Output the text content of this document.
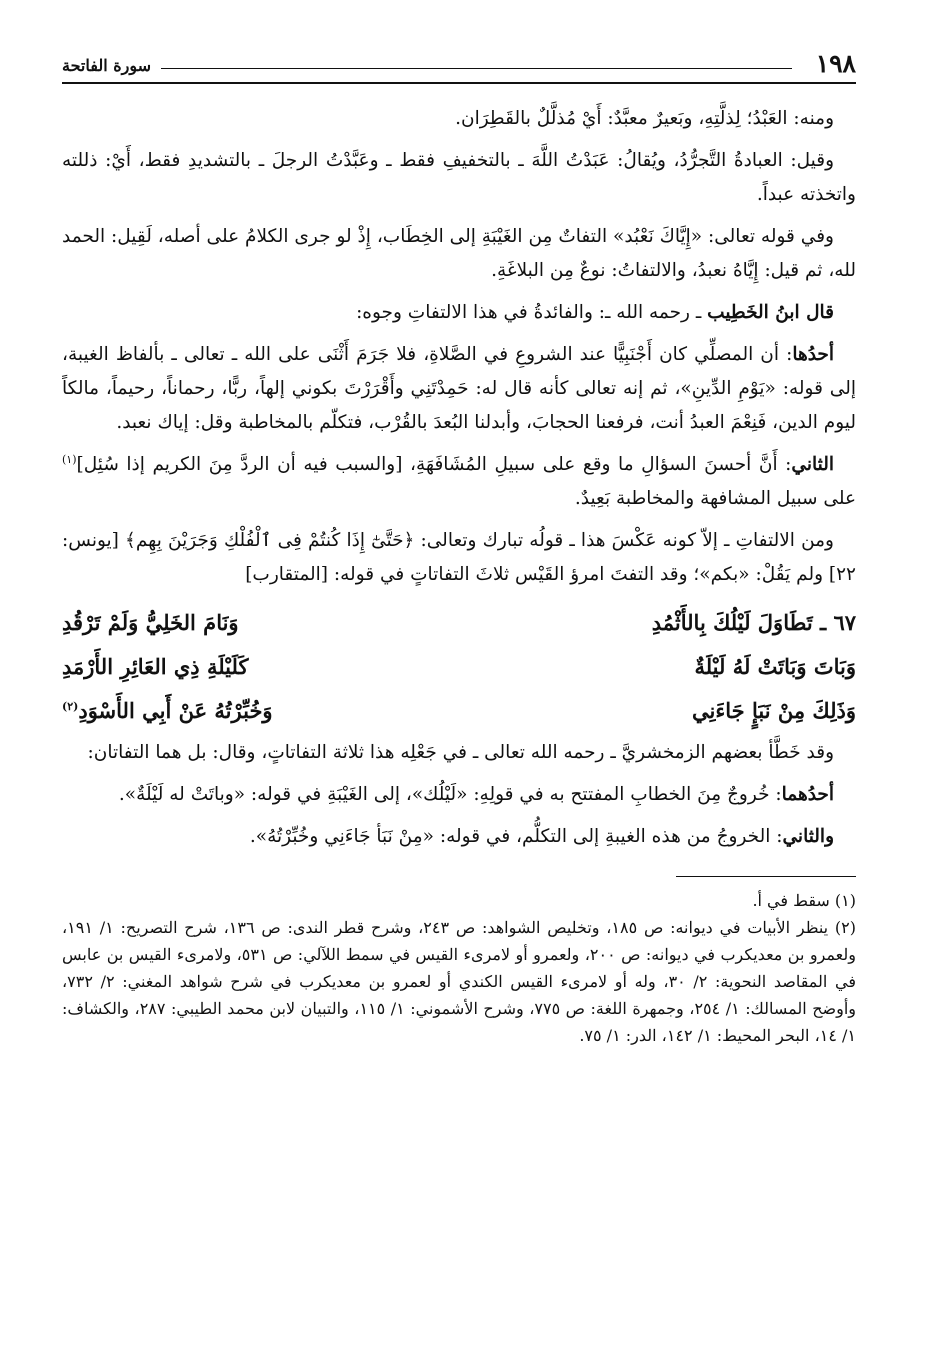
١٩٨
سورة الفاتحة

ومنه: العَبْدُ؛ لِذلَّتِهِ، وبَعيرٌ معبَّدٌ: أَيْ مُذلَّلٌ بالقَطِرَان.

وقيل: العبادةُ التَّجرُّدُ، ويُقالُ: عَبَدْتُ اللَّهَ ـ بالتخفيفِ فقط ـ وعَبَّدْتُ الرجلَ ـ بالتشديدِ فقط، أَيْ: ذللته واتخذته عبداً.

وفي قوله تعالى: «إِيَّاكَ نَعْبُد» التفاتٌ مِن الغَيْبَةِ إلى الخِطَاب، إِذْ لو جرى الكلامُ على أصله، لَقِيل: الحمد لله، ثم قيل: إِيَّاهُ نعبدُ، والالتفاتُ: نوعٌ مِن البلاغَةِ.

قال ابنُ الخَطِيب ـ رحمه الله ـ: والفائدةُ في هذا الالتفاتِ وجوه:

أحدُها: أن المصلِّي كان أَجْنَبِيًّا عند الشروعِ في الصَّلاةِ، فلا جَرَمَ أَثْنَى على الله ـ تعالى ـ بألفاظ الغيبة، إلى قوله: «يَوْمِ الدِّينِ»، ثم إنه تعالى كأنه قال له: حَمِدْتَنِي وأَقْرَرْتَ بكوني إلهاً، ربًّا، رحماناً، رحيماً، مالكاً ليوم الدين، فَنِعْمَ العبدُ أنت، فرفعنا الحجابَ، وأبدلنا البُعدَ بالقُرْب، فتكلّم بالمخاطبة وقل: إياك نعبد.

الثاني: أَنَّ أحسنَ السؤالِ ما وقع على سبيلِ المُشَافَهَةِ، [والسبب فيه أن الردَّ مِنَ الكريم إذا سُئِل]$^{(١)}$ على سبيل المشافهة والمخاطبة بَعِيدٌ.

ومن الالتفاتِ ـ إلاّ كونه عَكْسَ هذا ـ قولُه تبارك وتعالى: ﴿حَتَّىٰٓ إِذَا كُنتُمْ فِى ٱلْفُلْكِ وَجَرَيْنَ بِهِم﴾ [يونس: ٢٢] ولم يَقُلْ: «بكم»؛ وقد التفتَ امرؤ القَيْس ثلاثَ التفاتاتٍ في قوله: [المتقارب]

٦٧ ـ تَطَاوَلَ لَيْلُكَ بِالأَثْمُدِ
وَنَامَ الخَلِيُّ وَلَمْ تَرْقُدِ
وَبَاتَ وَبَاتَتْ لَهُ لَيْلَةٌ
كَلَيْلَةِ ذِي العَائِرِ الأَرْمَدِ
وَذَلِكَ مِنْ نَبَإٍ جَاءَنِي
وَخُبِّرْتُهُ عَنْ أَبِي الأَسْوَدِ$^{(٢)}$

وقد خَطَّأ بعضهم الزمخشريَّ ـ رحمه الله تعالى ـ في جَعْلِه هذا ثلاثة التفاتاتٍ، وقال: بل هما التفاتان:

أحدُهما: خُروجٌ مِنَ الخطابِ المفتتح به في قولِهِ: «لَيْلُك»، إلى الغَيْبَةِ في قوله: «وباتَتْ له لَيْلَةٌ».

والثاني: الخروجُ من هذه الغيبةِ إلى التكلُّم، في قوله: «مِنْ نَبَأ جَاءَنِي وخُبِّرْتُهُ».

(١) سقط في أ.

(٢) ينظر الأبيات في ديوانه: ص ١٨٥، وتخليص الشواهد: ص ٢٤٣، وشرح قطر الندى: ص ١٣٦، شرح التصريح: ١/ ١٩١، ولعمرو بن معديكرب في ديوانه: ص ٢٠٠، ولعمرو أو لامرىء القيس في سمط اللآلي: ص ٥٣١، ولامرىء القيس بن عابس في المقاصد النحوية: ٢/ ٣٠، وله أو لامرىء القيس الكندي أو لعمرو بن معديكرب في شرح شواهد المغني: ٢/ ٧٣٢، وأوضح المسالك: ١/ ٢٥٤، وجمهرة اللغة: ص ٧٧٥، وشرح الأشموني: ١/ ١١٥، والتبيان لابن محمد الطيبي: ٢٨٧، والكشاف: ١/ ١٤، البحر المحيط: ١/ ١٤٢، الدر: ١/ ٧٥.
